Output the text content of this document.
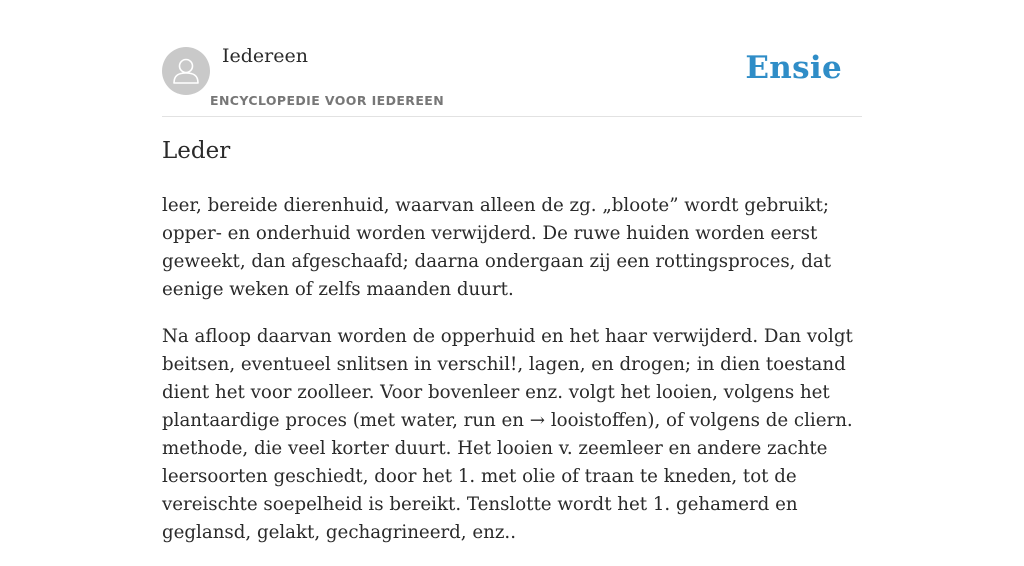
Iedereen
ENCYCLOPEDIE VOOR IEDEREEN
Ensie
Leder

leer, bereide dierenhuid, waarvan alleen de zg. „bloote” wordt gebruikt; opper- en onderhuid worden verwijderd. De ruwe huiden worden eerst geweekt, dan afgeschaafd; daarna ondergaan zij een rottingsproces, dat eenige weken of zelfs maanden duurt.

Na afloop daarvan worden de opperhuid en het haar verwijderd. Dan volgt beitsen, eventueel snlitsen in verschil!, lagen, en drogen; in dien toestand dient het voor zoolleer. Voor bovenleer enz. volgt het looien, volgens het plantaardige proces (met water, run en → looistoffen), of volgens de cliern. methode, die veel korter duurt. Het looien v. zeemleer en andere zachte leersoorten geschiedt, door het 1. met olie of traan te kneden, tot de vereischte soepelheid is bereikt. Tenslotte wordt het 1. gehamerd en geglansd, gelakt, gechagrineerd, enz..
